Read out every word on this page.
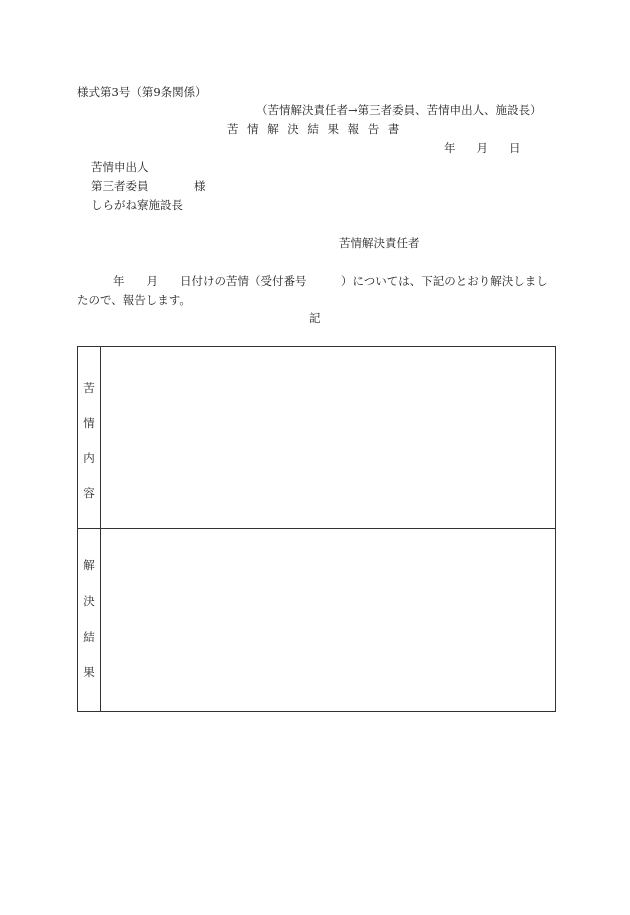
様式第3号（第9条関係）
（苦情解決責任者→第三者委員、苦情申出人、施設長）
苦情解決結果報告書
年 月 日
苦情申出人
第三者委員	様
しらがね寮施設長
苦情解決責任者
年 月 日付けの苦情（受付番号　　　）については、下記のとおり解決しまし
たので、報告します。
記
苦
情
内
容
解
決
結
果
